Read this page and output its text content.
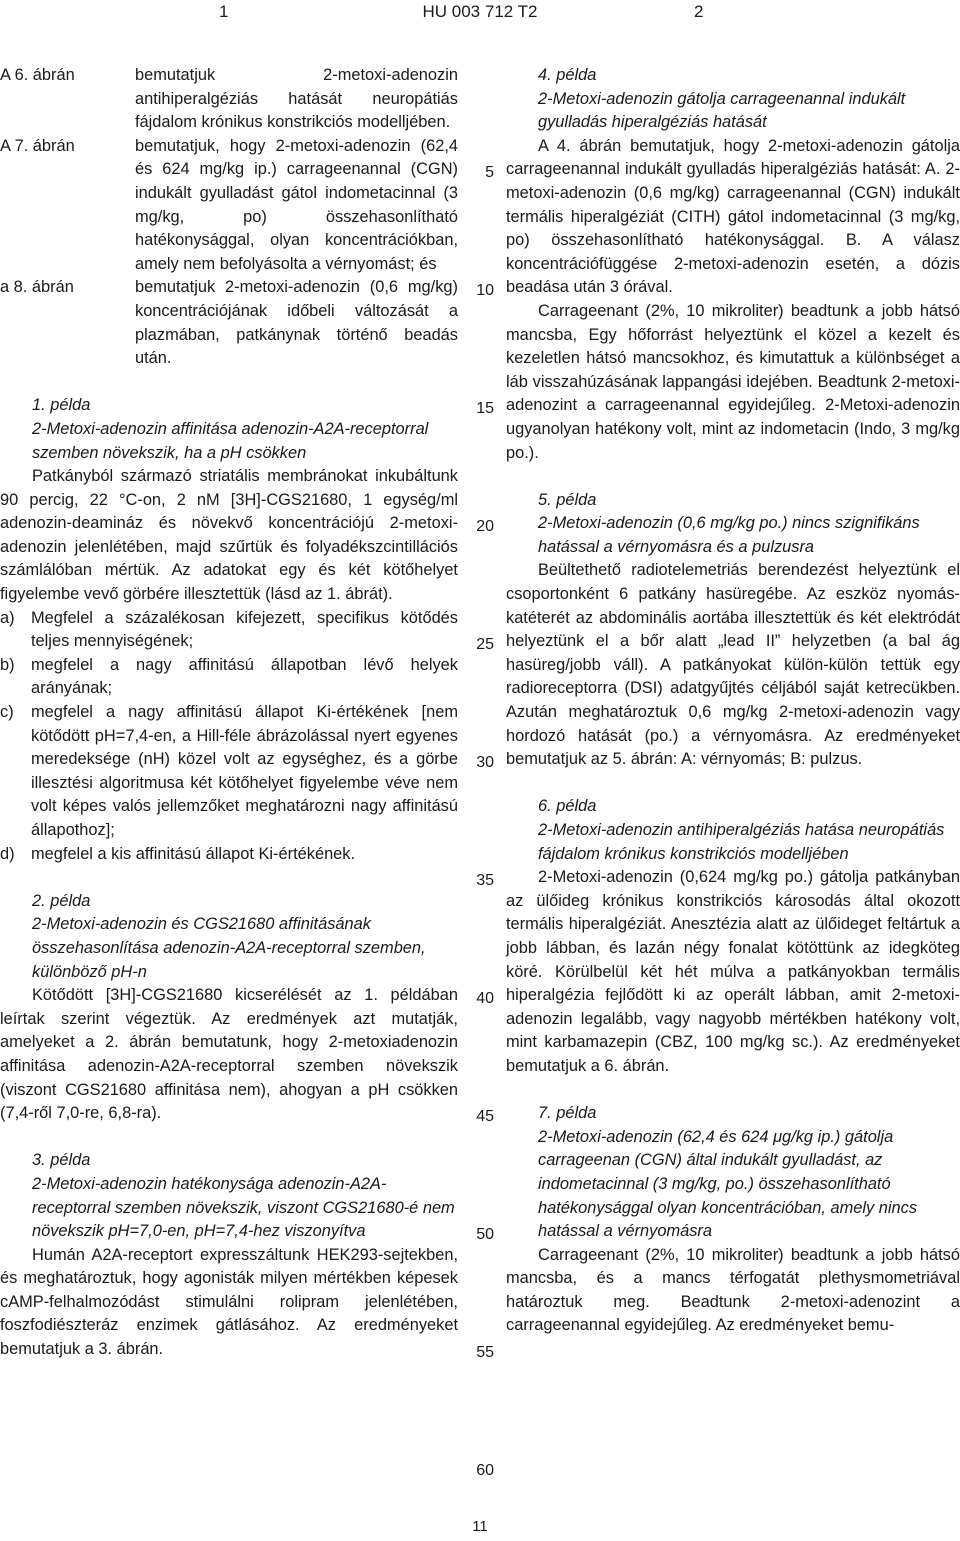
1	HU 003 712 T2	2
A 6. ábrán	bemutatjuk 2-metoxi-adenozin antihiperalgéziás hatását neuropátiás fájdalom krónikus konstrikciós modelljében.
A 7. ábrán	bemutatjuk, hogy 2-metoxi-adenozin (62,4 és 624 mg/kg ip.) carrageenannal (CGN) indukált gyulladást gátol indometacinnal (3 mg/kg, po) összehasonlítható hatékonysággal, olyan koncentrációkban, amely nem befolyásolta a vérnyomást; és
a 8. ábrán	bemutatjuk 2-metoxi-adenozin (0,6 mg/kg) koncentrációjának időbeli változását a plazmában, patkánynak történő beadás után.

1. példa

2-Metoxi-adenozin affinitása adenozin-A2A-receptorral szemben növekszik, ha a pH csökken

Patkányból származó striatális membránokat inkubáltunk 90 percig, 22 °C-on, 2 nM [3H]-CGS21680, 1 egység/ml adenozin-deamináz és növekvő koncentrációjú 2-metoxi-adenozin jelenlétében, majd szűrtük és folyadékszcintillációs számlálóban mértük. Az adatokat egy és két kötőhelyet figyelembe vevő görbére illesztettük (lásd az 1. ábrát).

a)	Megfelel a százalékosan kifejezett, specifikus kötődés teljes mennyiségének;
b)	megfelel a nagy affinitású állapotban lévő helyek arányának;
c)	megfelel a nagy affinitású állapot Ki-értékének [nem kötődött pH=7,4-en, a Hill-féle ábrázolással nyert egyenes meredeksége (nH) közel volt az egységhez, és a görbe illesztési algoritmusa két kötőhelyet figyelembe véve nem volt képes valós jellemzőket meghatározni nagy affinitású állapothoz];
d)	megfelel a kis affinitású állapot Ki-értékének.

2. példa

2-Metoxi-adenozin és CGS21680 affinitásának összehasonlítása adenozin-A2A-receptorral szemben, különböző pH-n

Kötődött [3H]-CGS21680 kicserélését az 1. példában leírtak szerint végeztük. Az eredmények azt mutatják, amelyeket a 2. ábrán bemutatunk, hogy 2-metoxiadenozin affinitása adenozin-A2A-receptorral szemben növekszik (viszont CGS21680 affinitása nem), ahogyan a pH csökken (7,4-ről 7,0-re, 6,8-ra).

3. példa

2-Metoxi-adenozin hatékonysága adenozin-A2A-receptorral szemben növekszik, viszont CGS21680-é nem növekszik pH=7,0-en, pH=7,4-hez viszonyítva

Humán A2A-receptort expresszáltunk HEK293-sejtekben, és meghatároztuk, hogy agonisták milyen mértékben képesek cAMP-felhalmozódást stimulálni rolipram jelenlétében, foszfodiészteráz enzimek gátlásához. Az eredményeket bemutatjuk a 3. ábrán.

5
10
15
20
25
30
35
40
45
50
55
60

4. példa

2-Metoxi-adenozin gátolja carrageenannal indukált gyulladás hiperalgéziás hatását

A 4. ábrán bemutatjuk, hogy 2-metoxi-adenozin gátolja carrageenannal indukált gyulladás hiperalgéziás hatását: A. 2-metoxi-adenozin (0,6 mg/kg) carrageenannal (CGN) indukált termális hiperalgéziát (CITH) gátol indometacinnal (3 mg/kg, po) összehasonlítható hatékonysággal. B. A válasz koncentrációfüggése 2-metoxi-adenozin esetén, a dózis beadása után 3 órával.

Carrageenant (2%, 10 mikroliter) beadtunk a jobb hátsó mancsba, Egy hőforrást helyeztünk el közel a kezelt és kezeletlen hátsó mancsokhoz, és kimutattuk a különbséget a láb visszahúzásának lappangási idejében. Beadtunk 2-metoxi-adenozint a carrageenannal egyidejűleg. 2-Metoxi-adenozin ugyanolyan hatékony volt, mint az indometacin (Indo, 3 mg/kg po.).

5. példa

2-Metoxi-adenozin (0,6 mg/kg po.) nincs szignifikáns hatással a vérnyomásra és a pulzusra

Beültethető radiotelemetriás berendezést helyeztünk el csoportonként 6 patkány hasüregébe. Az eszköz nyomás-katéterét az abdominális aortába illesztettük és két elektródát helyeztünk el a bőr alatt „lead II” helyzetben (a bal ág hasüreg/jobb váll). A patkányokat külön-külön tettük egy radioreceptorra (DSI) adatgyűjtés céljából saját ketrecükben. Azután meghatároztuk 0,6 mg/kg 2-metoxi-adenozin vagy hordozó hatását (po.) a vérnyomásra. Az eredményeket bemutatjuk az 5. ábrán: A: vérnyomás; B: pulzus.

6. példa

2-Metoxi-adenozin antihiperalgéziás hatása neuropátiás fájdalom krónikus konstrikciós modelljében

2-Metoxi-adenozin (0,624 mg/kg po.) gátolja patkányban az ülőideg krónikus konstrikciós károsodás által okozott termális hiperalgéziát. Anesztézia alatt az ülőideget feltártuk a jobb lábban, és lazán négy fonalat kötöttünk az idegköteg köré. Körülbelül két hét múlva a patkányokban termális hiperalgézia fejlődött ki az operált lábban, amit 2-metoxi-adenozin legalább, vagy nagyobb mértékben hatékony volt, mint karbamazepin (CBZ, 100 mg/kg sc.). Az eredményeket bemutatjuk a 6. ábrán.

7. példa

2-Metoxi-adenozin (62,4 és 624 μg/kg ip.) gátolja carrageenan (CGN) által indukált gyulladást, az indometacinnal (3 mg/kg, po.) összehasonlítható hatékonysággal olyan koncentrációban, amely nincs hatással a vérnyomásra

Carrageenant (2%, 10 mikroliter) beadtunk a jobb hátsó mancsba, és a mancs térfogatát plethysmometriával határoztuk meg. Beadtunk 2-metoxi-adenozint a carrageenannal egyidejűleg. Az eredményeket bemu-

11
